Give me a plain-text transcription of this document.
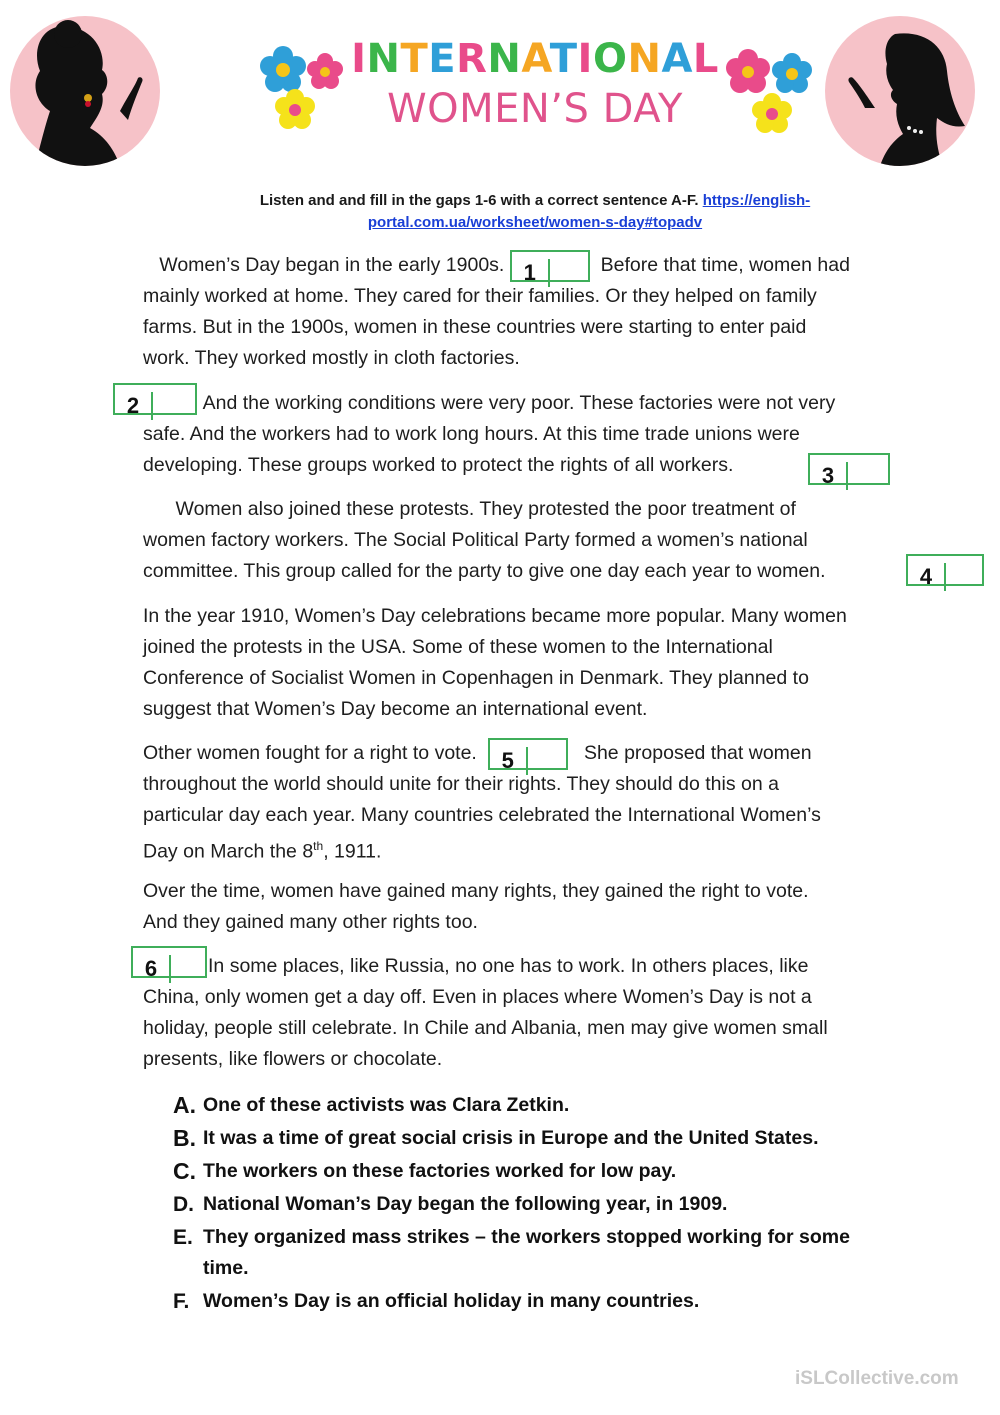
INTERNATIONAL
WOMEN’S DAY
Listen and and fill in the gaps 1-6 with a correct sentence A-F. https://english-
portal.com.ua/worksheet/women-s-day#topadv
Women’s Day began in the early 1900s. 1	Before that time, women had
mainly worked at home. They cared for their families. Or they helped on family
farms. But in the 1900s, women in these countries were starting to enter paid
work. They worked mostly in cloth factories.
2	And the working conditions were very poor. These factories were not very
safe. And the workers had to work long hours. At this time trade unions were
developing. These groups worked to protect the rights of all workers.	3
Women also joined these protests. They protested the poor treatment of
women factory workers. The Social Political Party formed a women’s national
committee. This group called for the party to give one day each year to women.	4
In the year 1910, Women’s Day celebrations became more popular. Many women
joined the protests in the USA. Some of these women to the International
Conference of Socialist Women in Copenhagen in Denmark. They planned to
suggest that Women’s Day become an international event.
Other women fought for a right to vote. 5	She proposed that women
throughout the world should unite for their rights. They should do this on a
particular day each year. Many countries celebrated the International Women’s
Day on March the 8th, 1911.
Over the time, women have gained many rights, they gained the right to vote.
And they gained many other rights too.
6	In some places, like Russia, no one has to work. In others places, like
China, only women get a day off. Even in places where Women’s Day is not a
holiday, people still celebrate. In Chile and Albania, men may give women small
presents, like flowers or chocolate.
A. One of these activists was Clara Zetkin.
B. It was a time of great social crisis in Europe and the United States.
C. The workers on these factories worked for low pay.
D. National Woman’s Day began the following year, in 1909.
E. They organized mass strikes – the workers stopped working for some
time.
F. Women’s Day is an official holiday in many countries.
iSLCollective.com
